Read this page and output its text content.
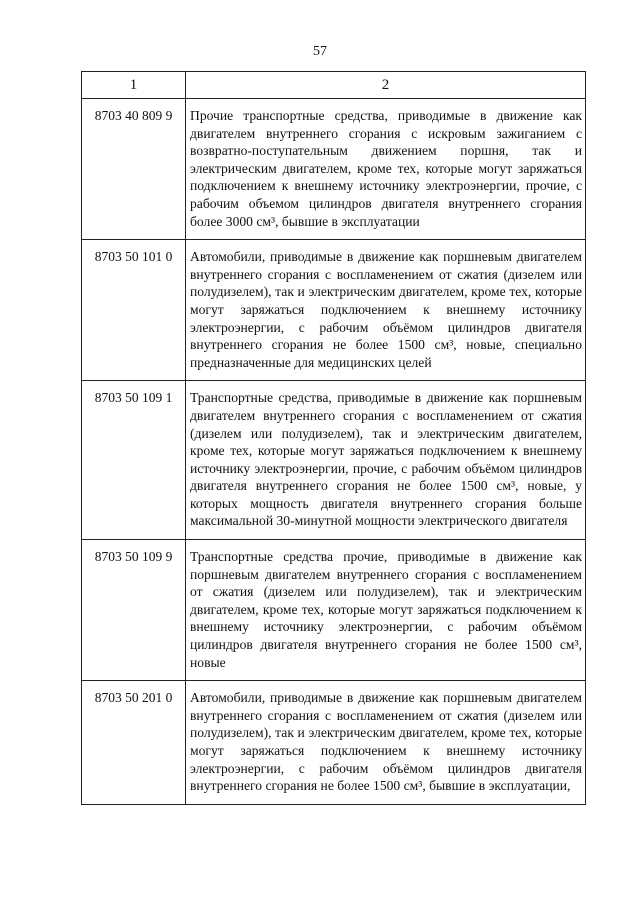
57
1	2
8703 40 809 9	Прочие транспортные средства, приводимые в движение как двигателем внутреннего сгорания с искровым зажиганием с возвратно-поступательным движением поршня, так и электрическим двигателем, кроме тех, которые могут заряжаться подключением к внешнему источнику электроэнергии, прочие, с рабочим объемом цилиндров двигателя внутреннего сгорания более 3000 см³, бывшие в эксплуатации
8703 50 101 0	Автомобили, приводимые в движение как поршневым двигателем внутреннего сгорания с воспламенением от сжатия (дизелем или полудизелем), так и электрическим двигателем, кроме тех, которые могут заряжаться подключением к внешнему источнику электроэнергии, с рабочим объёмом цилиндров двигателя внутреннего сгорания не более 1500 см³, новые, специально предназначенные для медицинских целей
8703 50 109 1	Транспортные средства, приводимые в движение как поршневым двигателем внутреннего сгорания с воспламенением от сжатия (дизелем или полудизелем), так и электрическим двигателем, кроме тех, которые могут заряжаться подключением к внешнему источнику электроэнергии, прочие, с рабочим объёмом цилиндров двигателя внутреннего сгорания не более 1500 см³, новые, у которых мощность двигателя внутреннего сгорания больше максимальной 30-минутной мощности электрического двигателя
8703 50 109 9	Транспортные средства прочие, приводимые в движение как поршневым двигателем внутреннего сгорания с воспламенением от сжатия (дизелем или полудизелем), так и электрическим двигателем, кроме тех, которые могут заряжаться подключением к внешнему источнику электроэнергии, с рабочим объёмом цилиндров двигателя внутреннего сгорания не более 1500 см³, новые
8703 50 201 0	Автомобили, приводимые в движение как поршневым двигателем внутреннего сгорания с воспламенением от сжатия (дизелем или полудизелем), так и электрическим двигателем, кроме тех, которые могут заряжаться подключением к внешнему источнику электроэнергии, с рабочим объёмом цилиндров двигателя внутреннего сгорания не более 1500 см³, бывшие в эксплуатации,
